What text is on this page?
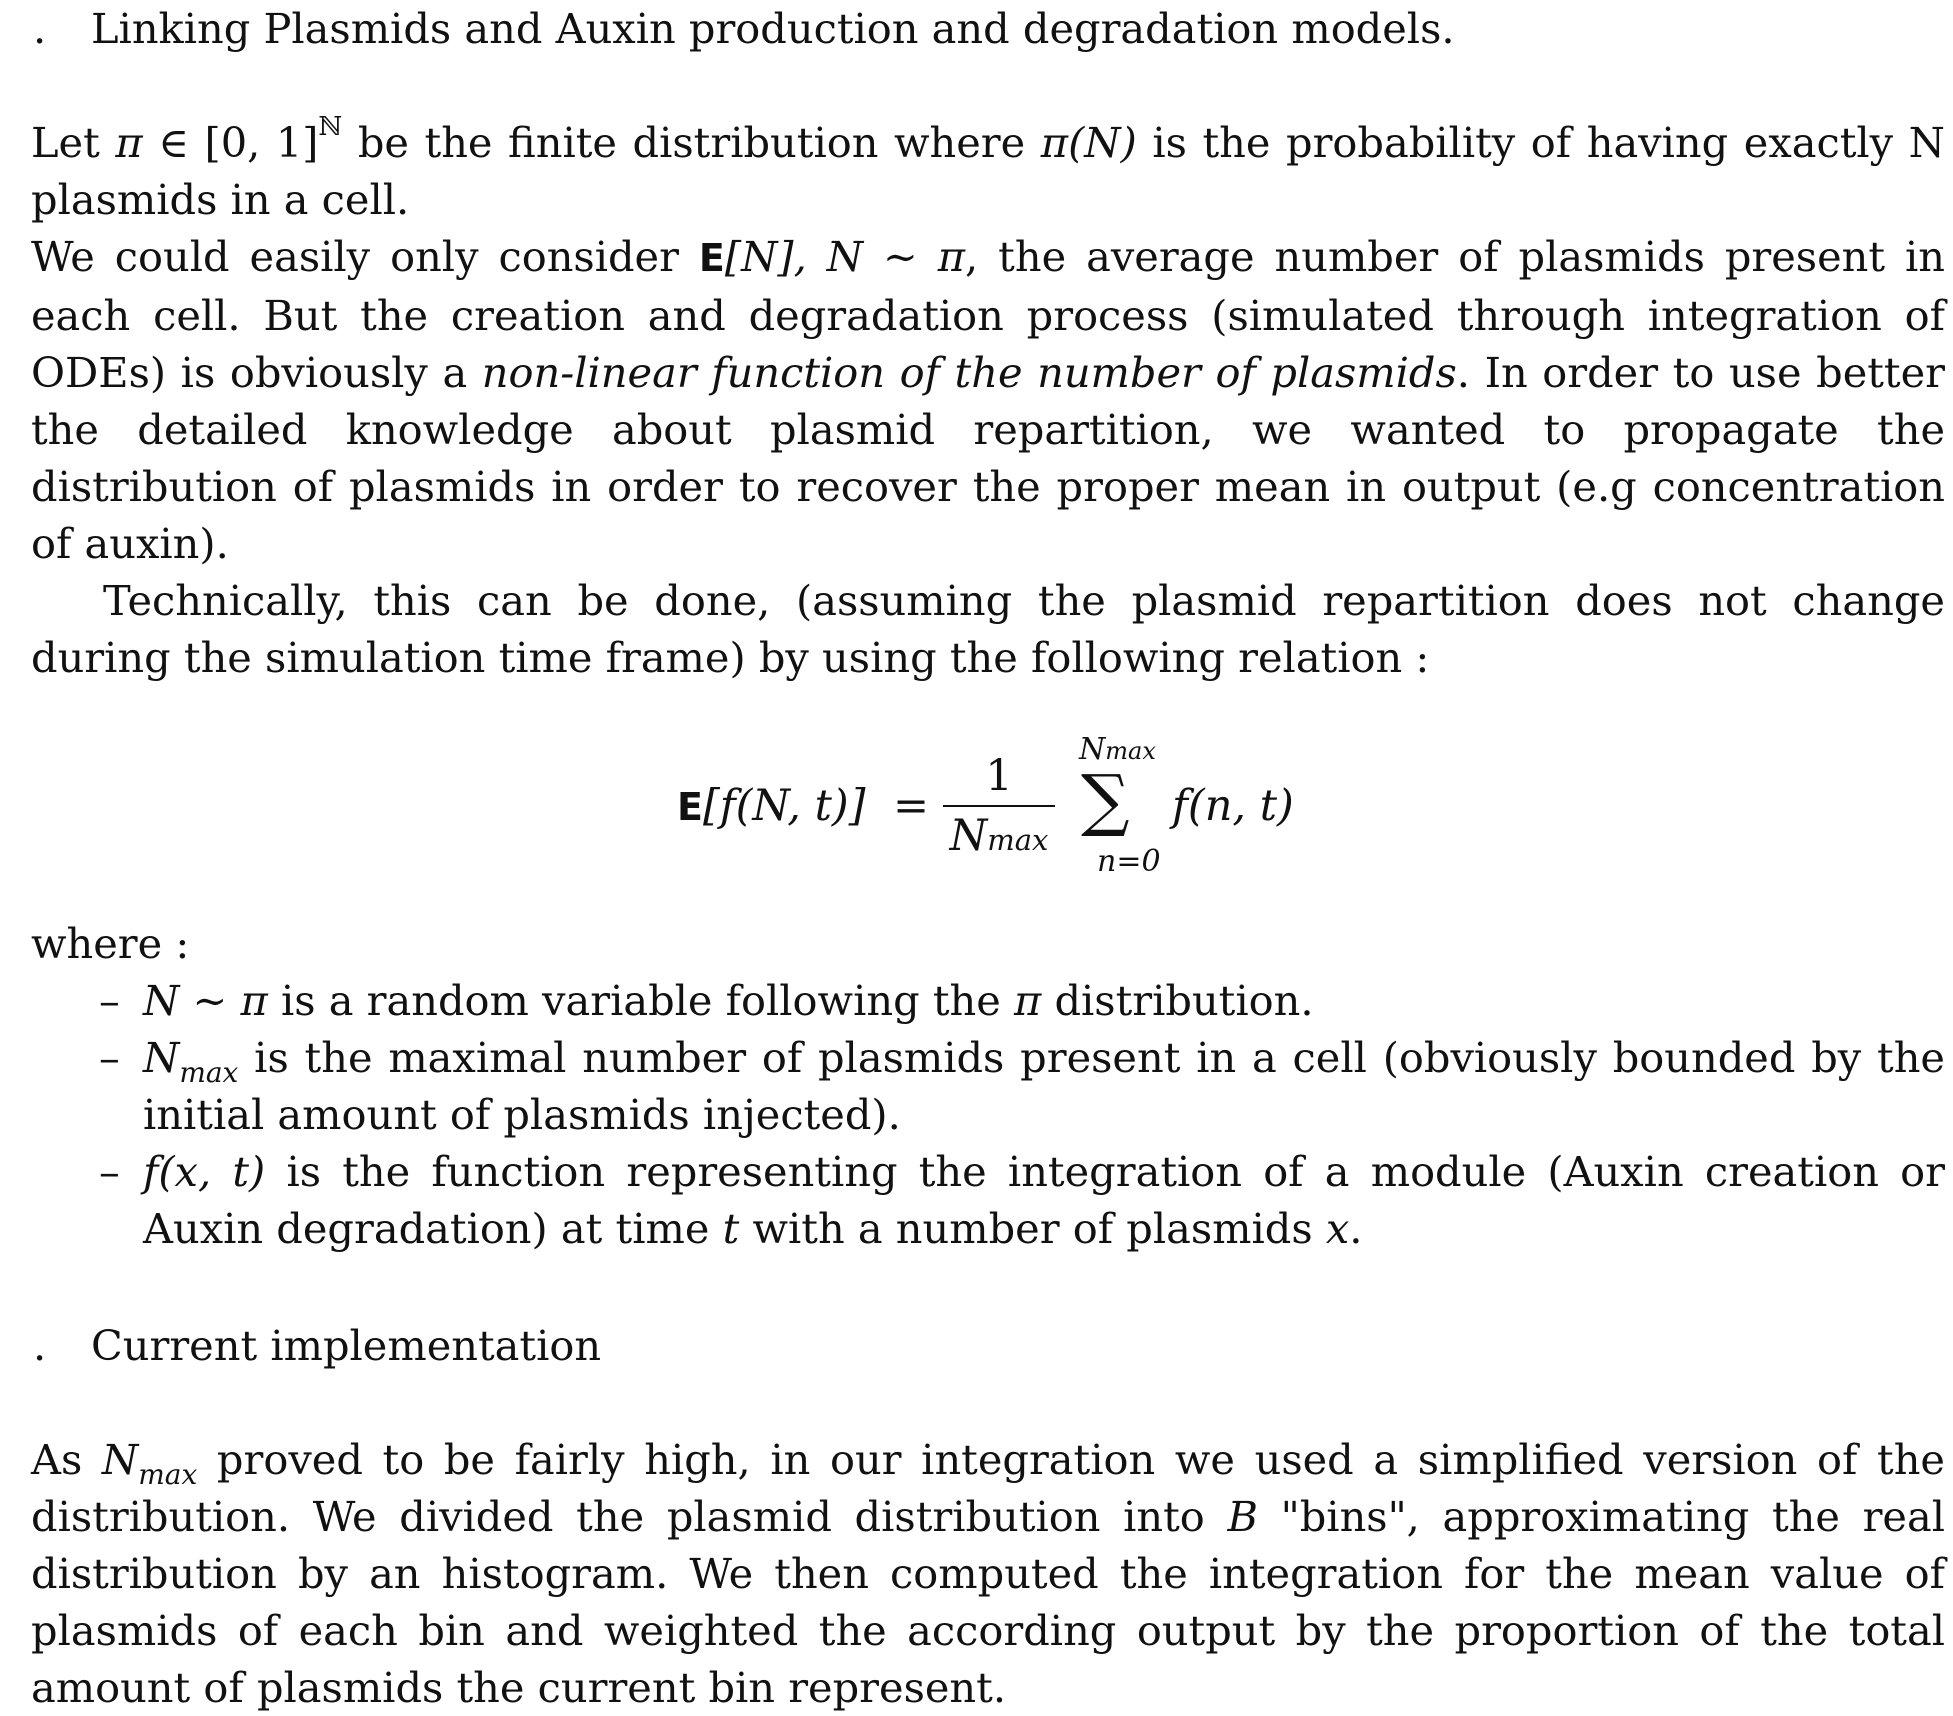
. Linking Plasmids and Auxin production and degradation models.

Let π ∈ [0, 1]$^ℕ$ be the finite distribution where π(N) is the probability of having exactly N plasmids in a cell.

We could easily only consider E[N], N ∼ π, the average number of plasmids present in each cell. But the creation and degradation process (simulated through integration of ODEs) is obviously a non-linear function of the number of plasmids. In order to use better the detailed knowledge about plasmid repartition, we wanted to propagate the distribution of plasmids in order to recover the proper mean in output (e.g concentration of auxin).

Technically, this can be done, (assuming the plasmid repartition does not change during the simulation time frame) by using the following relation :

E[f(N, t)] =
1
Nmax
Nmax
∑
n=0
f(n, t)

where :

– N ∼ π is a random variable following the π distribution.
– $N_{max}$ is the maximal number of plasmids present in a cell (obviously bounded by the initial amount of plasmids injected).
– f(x, t) is the function representing the integration of a module (Auxin creation or Auxin degradation) at time t with a number of plasmids x.
. Current implementation

As $N_{max}$ proved to be fairly high, in our integration we used a simplified version of the distribution. We divided the plasmid distribution into B "bins", approximating the real distribution by an histogram. We then computed the integration for the mean value of plasmids of each bin and weighted the according output by the proportion of the total amount of plasmids the current bin represent.
